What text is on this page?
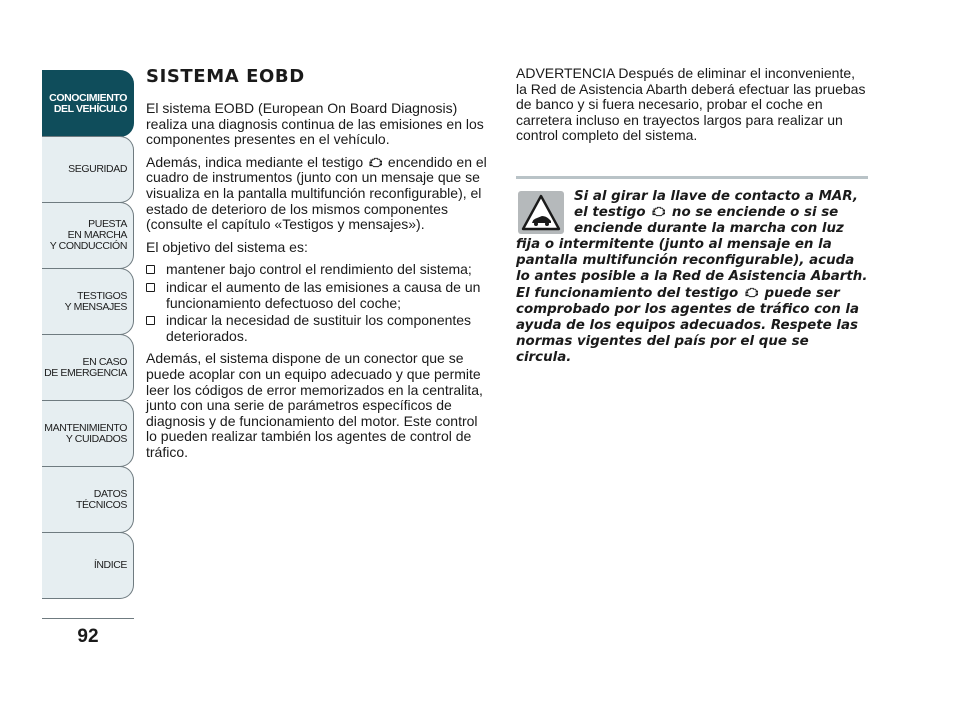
CONOCIMIENTO
DEL VEHÍCULO
SEGURIDAD
PUESTA
EN MARCHA
Y CONDUCCIÓN
TESTIGOS
Y MENSAJES
EN CASO
DE EMERGENCIA
MANTENIMIENTO
Y CUIDADOS
DATOS TÉCNICOS
ÍNDICE
92
SISTEMA EOBD

El sistema EOBD (European On Board Diagnosis) realiza una diagnosis continua de las emisiones en los componentes presentes en el vehículo.

Además, indica mediante el testigo encendido en el cuadro de instrumentos (junto con un mensaje que se visualiza en la pantalla multifunción reconfigurable), el estado de deterioro de los mismos componentes (consulte el capítulo «Testigos y mensajes»).

El objetivo del sistema es:

mantener bajo control el rendimiento del sistema;
indicar el aumento de las emisiones a causa de un funcionamiento defectuoso del coche;
indicar la necesidad de sustituir los componentes deteriorados.

Además, el sistema dispone de un conector que se puede acoplar con un equipo adecuado y que permite leer los códigos de error memorizados en la centralita, junto con una serie de parámetros específicos de diagnosis y de funcionamiento del motor. Este control lo pueden realizar también los agentes de control de tráfico.

ADVERTENCIA Después de eliminar el inconveniente, la Red de Asistencia Abarth deberá efectuar las pruebas de banco y si fuera necesario, probar el coche en carretera incluso en trayectos largos para realizar un control completo del sistema.

Si al girar la llave de contacto a MAR, el testigo no se enciende o si se enciende durante la marcha con luz fija o intermitente (junto al mensaje en la pantalla multifunción reconfigurable), acuda lo antes posible a la Red de Asistencia Abarth.

El funcionamiento del testigo puede ser comprobado por los agentes de tráfico con la ayuda de los equipos adecuados. Respete las normas vigentes del país por el que se circula.
